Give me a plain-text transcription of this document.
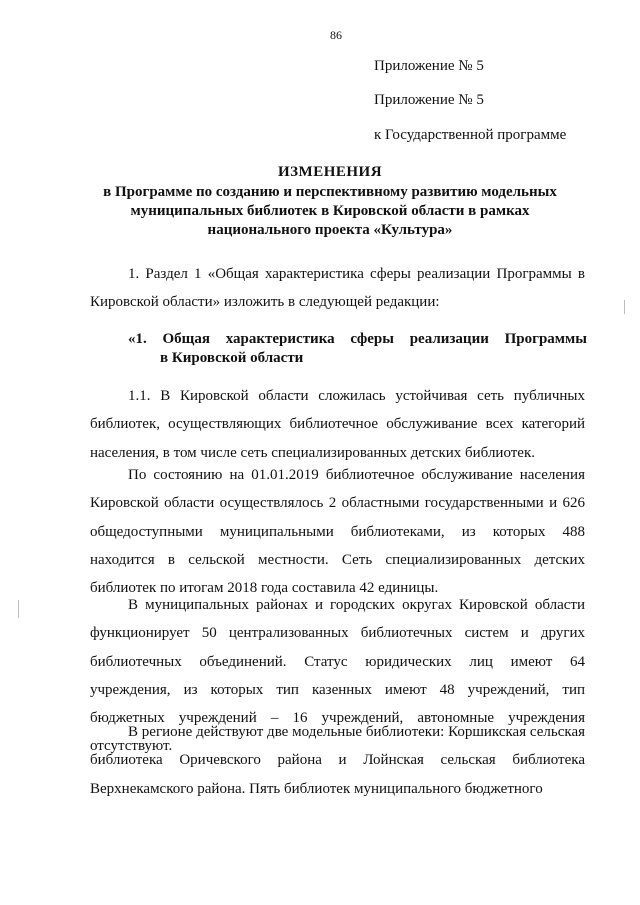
86
Приложение № 5
Приложение № 5
к Государственной программе
ИЗМЕНЕНИЯ
в Программе по созданию и перспективному развитию модельных муниципальных библиотек в Кировской области в рамках национального проекта «Культура»
1. Раздел 1 «Общая характеристика сферы реализации Программы в Кировской области» изложить в следующей редакции:
«1. Общая характеристика сферы реализации Программы
в Кировской области
1.1. В Кировской области сложилась устойчивая сеть публичных библиотек, осуществляющих библиотечное обслуживание всех категорий населения, в том числе сеть специализированных детских библиотек.
По состоянию на 01.01.2019 библиотечное обслуживание населения Кировской области осуществлялось 2 областными государственными и 626 общедоступными муниципальными библиотеками, из которых 488 находится в сельской местности. Сеть специализированных детских библиотек по итогам 2018 года составила 42 единицы.
В муниципальных районах и городских округах Кировской области функционирует 50 централизованных библиотечных систем и других библиотечных объединений. Статус юридических лиц имеют 64 учреждения, из которых тип казенных имеют 48 учреждений, тип бюджетных учреждений – 16 учреждений, автономные учреждения отсутствуют.
В регионе действуют две модельные библиотеки: Коршикская сельская библиотека Оричевского района и Лойнская сельская библиотека Верхнекамского района. Пять библиотек муниципального бюджетного
